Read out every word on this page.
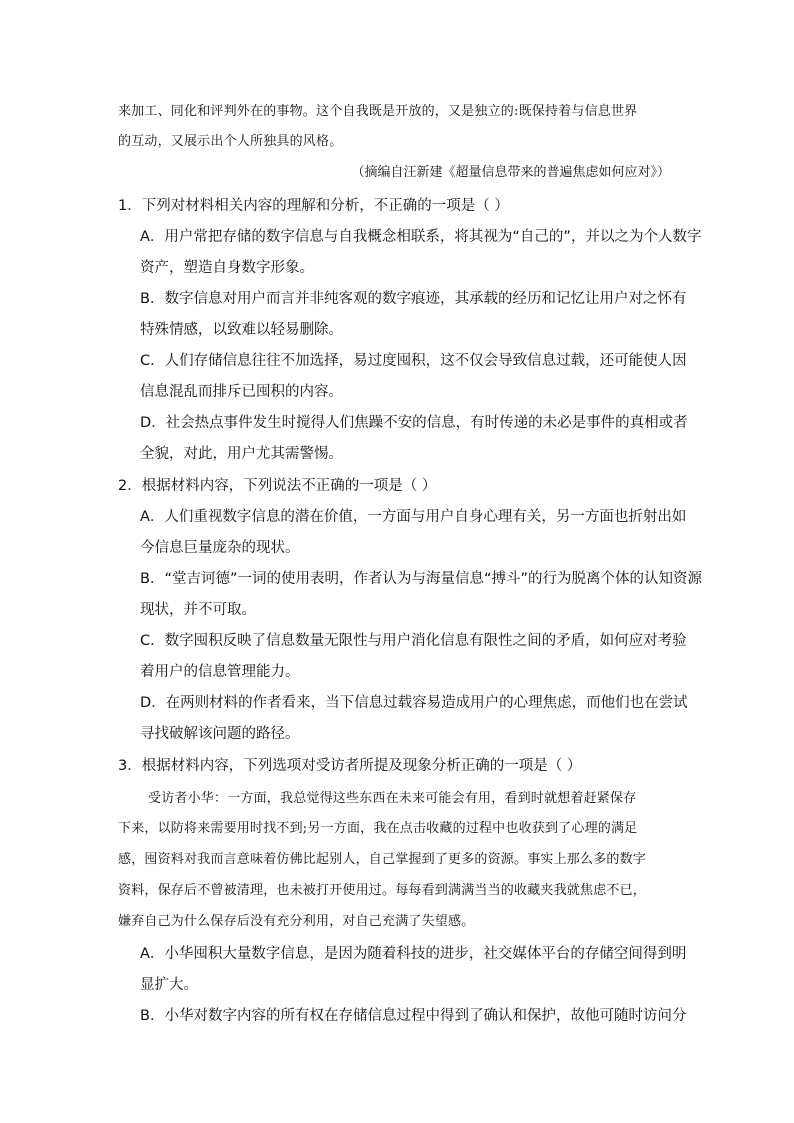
来加工、同化和评判外在的事物。这个自我既是开放的，又是独立的:既保持着与信息世界
的互动，又展示出个人所独具的风格。
（摘编自汪新建《超量信息带来的普遍焦虑如何应对》）
1．下列对材料相关内容的理解和分析，不正确的一项是（ ）
A．用户常把存储的数字信息与自我概念相联系，将其视为“自己的”，并以之为个人数字
资产，塑造自身数字形象。
B．数字信息对用户而言并非纯客观的数字痕迹，其承载的经历和记忆让用户对之怀有
特殊情感，以致难以轻易删除。
C．人们存储信息往往不加选择，易过度囤积，这不仅会导致信息过载，还可能使人因
信息混乱而排斥已囤积的内容。
D．社会热点事件发生时搅得人们焦躁不安的信息，有时传递的未必是事件的真相或者
全貌，对此，用户尤其需警惕。
2．根据材料内容，下列说法不正确的一项是（ ）
A．人们重视数字信息的潜在价值，一方面与用户自身心理有关，另一方面也折射出如
今信息巨量庞杂的现状。
B．“堂吉诃德”一词的使用表明，作者认为与海量信息“搏斗”的行为脱离个体的认知资源
现状，并不可取。
C．数字囤积反映了信息数量无限性与用户消化信息有限性之间的矛盾，如何应对考验
着用户的信息管理能力。
D．在两则材料的作者看来，当下信息过载容易造成用户的心理焦虑，而他们也在尝试
寻找破解该问题的路径。
3．根据材料内容，下列选项对受访者所提及现象分析正确的一项是（ ）
受访者小华：一方面，我总觉得这些东西在未来可能会有用，看到时就想着赶紧保存
下来，以防将来需要用时找不到;另一方面，我在点击收藏的过程中也收获到了心理的满足
感，囤资料对我而言意味着仿佛比起别人，自己掌握到了更多的资源。事实上那么多的数字
资料，保存后不曾被清理，也未被打开使用过。每每看到满满当当的收藏夹我就焦虑不已，
嫌弃自己为什么保存后没有充分利用，对自己充满了失望感。
A．小华囤积大量数字信息，是因为随着科技的进步，社交媒体平台的存储空间得到明
显扩大。
B．小华对数字内容的所有权在存储信息过程中得到了确认和保护，故他可随时访问分
